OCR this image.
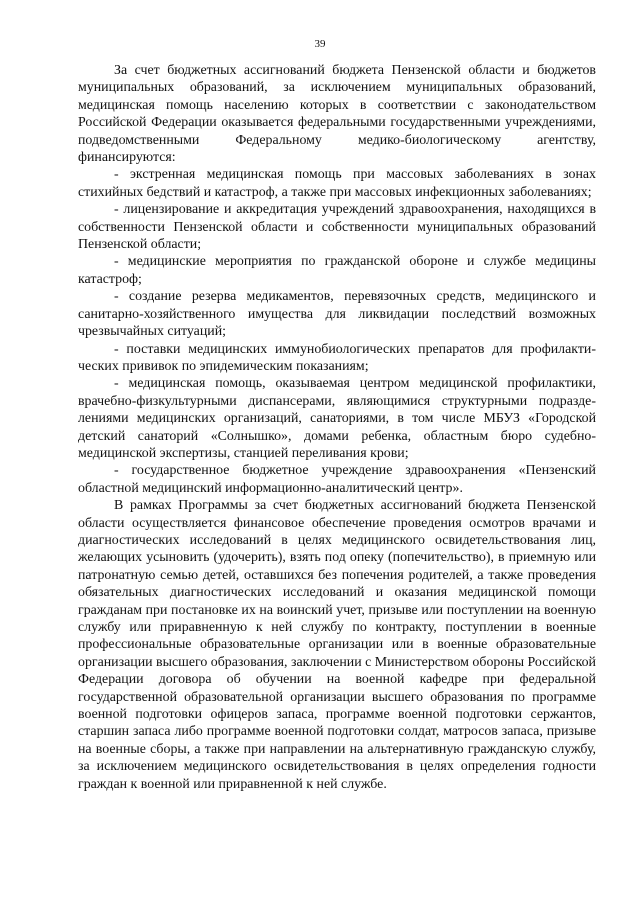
39

За счет бюджетных ассигнований бюджета Пензенской области и бюджетов муниципальных образований, за исключением муниципальных образований, медицинская помощь населению которых в соответствии с законодательством Российской Федерации оказывается федеральными государственными учреждениями, подведомственными Федеральному медико-биологическому агентству, финансируются:

- экстренная медицинская помощь при массовых заболеваниях в зонах стихийных бедствий и катастроф, а также при массовых инфекционных заболеваниях;

- лицензирование и аккредитация учреждений здравоохранения, находящихся в собственности Пензенской области и собственности муниципальных образований Пензенской области;

- медицинские мероприятия по гражданской обороне и службе медицины катастроф;

- создание резерва медикаментов, перевязочных средств, медицинского и санитарно-хозяйственного имущества для ликвидации последствий возможных чрезвычайных ситуаций;

- поставки медицинских иммунобиологических препаратов для профилактических прививок по эпидемическим показаниям;

- медицинская помощь, оказываемая центром медицинской профилактики, врачебно-физкультурными диспансерами, являющимися структурными подразделениями медицинских организаций, санаториями, в том числе МБУЗ «Городской детский санаторий «Солнышко», домами ребенка, областным бюро судебно-медицинской экспертизы, станцией переливания крови;

- государственное бюджетное учреждение здравоохранения «Пензенский областной медицинский информационно-аналитический центр».

В рамках Программы за счет бюджетных ассигнований бюджета Пензенской области осуществляется финансовое обеспечение проведения осмотров врачами и диагностических исследований в целях медицинского освидетельствования лиц, желающих усыновить (удочерить), взять под опеку (попечительство), в приемную или патронатную семью детей, оставшихся без попечения родителей, а также проведения обязательных диагностических исследований и оказания медицинской помощи гражданам при постановке их на воинский учет, призыве или поступлении на военную службу или приравненную к ней службу по контракту, поступлении в военные профессиональные образовательные организации или в военные образовательные организации высшего образования, заключении с Министерством обороны Российской Федерации договора об обучении на военной кафедре при федеральной государственной образовательной организации высшего образования по программе военной подготовки офицеров запаса, программе военной подготовки сержантов, старшин запаса либо программе военной подготовки солдат, матросов запаса, призыве на военные сборы, а также при направлении на альтернативную гражданскую службу, за исключением медицинского освидетельствования в целях определения годности граждан к военной или приравненной к ней службе.
